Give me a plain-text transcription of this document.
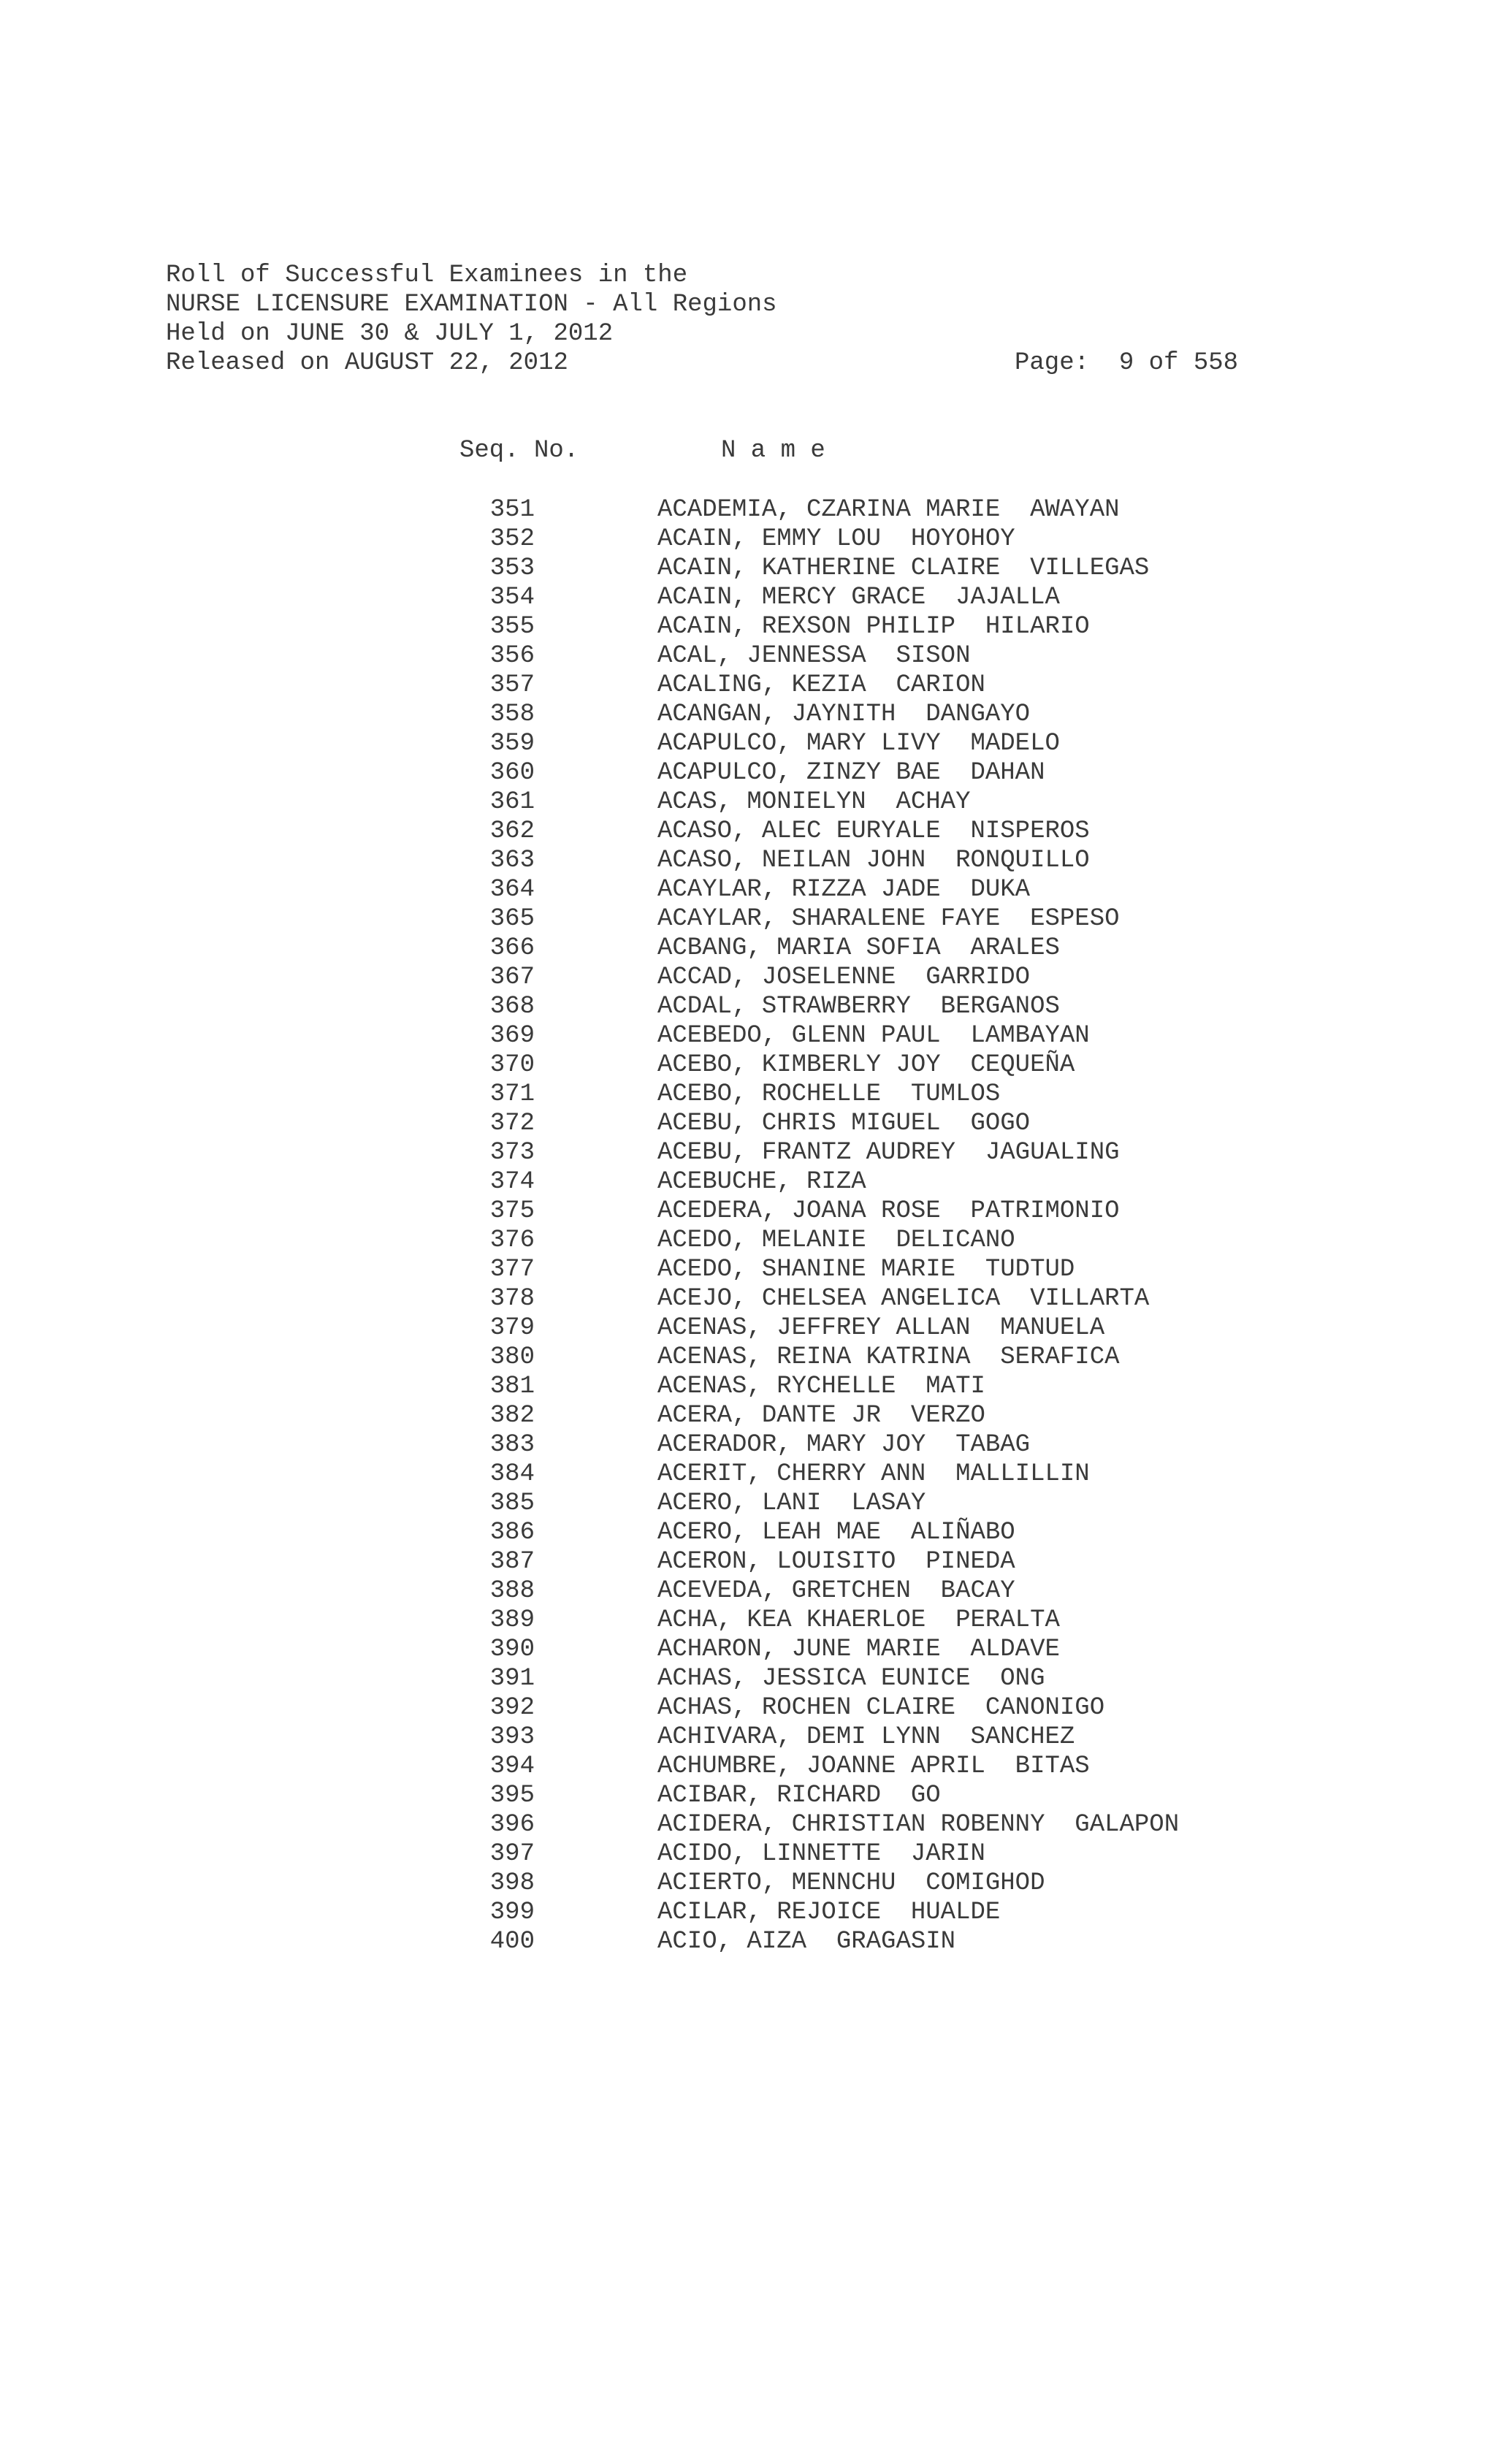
Roll of Successful Examinees in the
NURSE LICENSURE EXAMINATION - All Regions
Held on JUNE 30 & JULY 1, 2012
Released on AUGUST 22, 2012	Page: 9 of 558
Seq. No.	N a m e
351	ACADEMIA, CZARINA MARIE  AWAYAN
352	ACAIN, EMMY LOU  HOYOHOY
353	ACAIN, KATHERINE CLAIRE  VILLEGAS
354	ACAIN, MERCY GRACE  JAJALLA
355	ACAIN, REXSON PHILIP  HILARIO
356	ACAL, JENNESSA  SISON
357	ACALING, KEZIA  CARION
358	ACANGAN, JAYNITH  DANGAYO
359	ACAPULCO, MARY LIVY  MADELO
360	ACAPULCO, ZINZY BAE  DAHAN
361	ACAS, MONIELYN  ACHAY
362	ACASO, ALEC EURYALE  NISPEROS
363	ACASO, NEILAN JOHN  RONQUILLO
364	ACAYLAR, RIZZA JADE  DUKA
365	ACAYLAR, SHARALENE FAYE  ESPESO
366	ACBANG, MARIA SOFIA  ARALES
367	ACCAD, JOSELENNE  GARRIDO
368	ACDAL, STRAWBERRY  BERGANOS
369	ACEBEDO, GLENN PAUL  LAMBAYAN
370	ACEBO, KIMBERLY JOY  CEQUEÑA
371	ACEBO, ROCHELLE  TUMLOS
372	ACEBU, CHRIS MIGUEL  GOGO
373	ACEBU, FRANTZ AUDREY  JAGUALING
374	ACEBUCHE, RIZA
375	ACEDERA, JOANA ROSE  PATRIMONIO
376	ACEDO, MELANIE  DELICANO
377	ACEDO, SHANINE MARIE  TUDTUD
378	ACEJO, CHELSEA ANGELICA  VILLARTA
379	ACENAS, JEFFREY ALLAN  MANUELA
380	ACENAS, REINA KATRINA  SERAFICA
381	ACENAS, RYCHELLE  MATI
382	ACERA, DANTE JR  VERZO
383	ACERADOR, MARY JOY  TABAG
384	ACERIT, CHERRY ANN  MALLILLIN
385	ACERO, LANI  LASAY
386	ACERO, LEAH MAE  ALIÑABO
387	ACERON, LOUISITO  PINEDA
388	ACEVEDA, GRETCHEN  BACAY
389	ACHA, KEA KHAERLOE  PERALTA
390	ACHARON, JUNE MARIE  ALDAVE
391	ACHAS, JESSICA EUNICE  ONG
392	ACHAS, ROCHEN CLAIRE  CANONIGO
393	ACHIVARA, DEMI LYNN  SANCHEZ
394	ACHUMBRE, JOANNE APRIL  BITAS
395	ACIBAR, RICHARD  GO
396	ACIDERA, CHRISTIAN ROBENNY  GALAPON
397	ACIDO, LINNETTE  JARIN
398	ACIERTO, MENNCHU  COMIGHOD
399	ACILAR, REJOICE  HUALDE
400	ACIO, AIZA  GRAGASIN
